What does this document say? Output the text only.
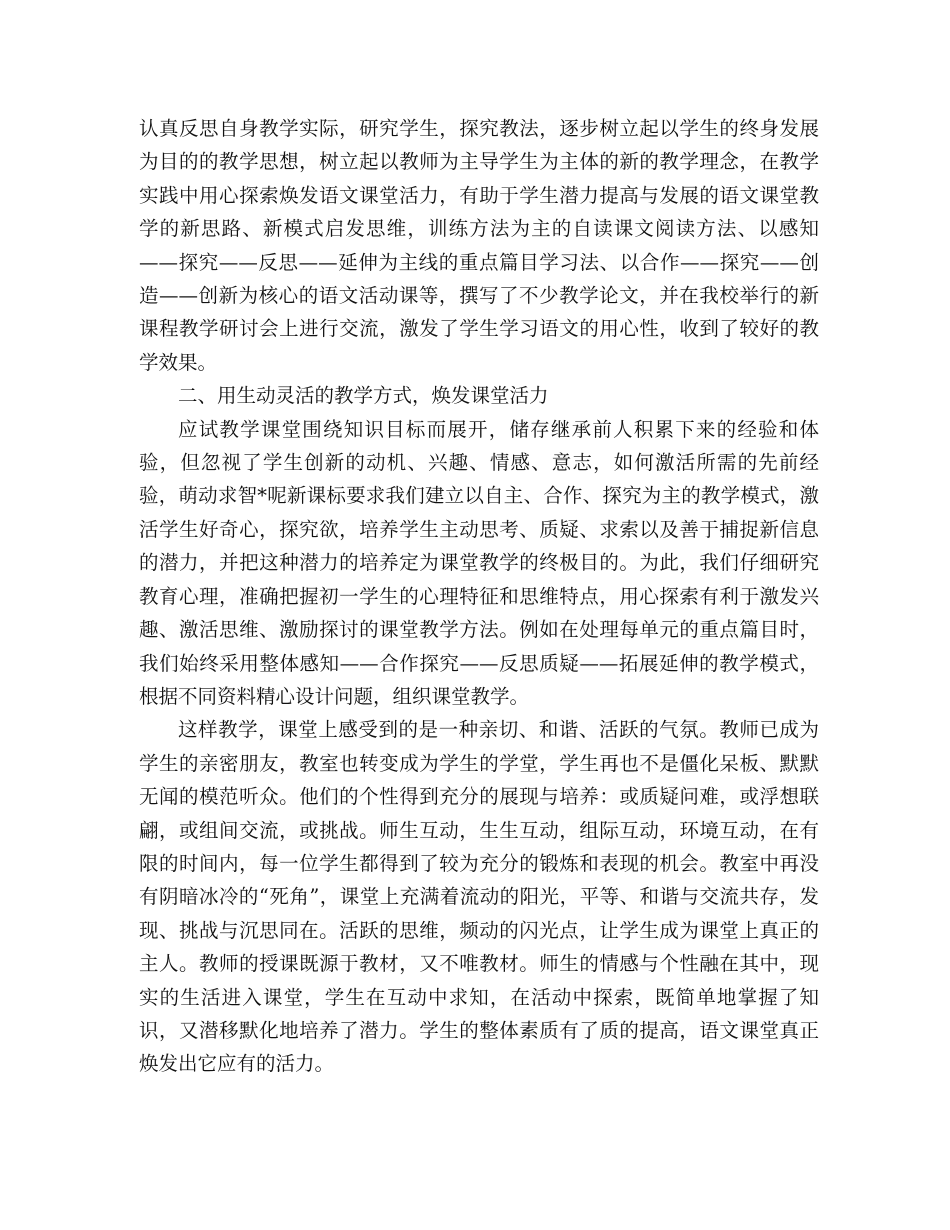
认真反思自身教学实际，研究学生，探究教法，逐步树立起以学生的终身发展为目的的教学思想，树立起以教师为主导学生为主体的新的教学理念，在教学实践中用心探索焕发语文课堂活力，有助于学生潜力提高与发展的语文课堂教学的新思路、新模式启发思维，训练方法为主的自读课文阅读方法、以感知——探究——反思——延伸为主线的重点篇目学习法、以合作——探究——创造——创新为核心的语文活动课等，撰写了不少教学论文，并在我校举行的新课程教学研讨会上进行交流，激发了学生学习语文的用心性，收到了较好的教学效果。

二、用生动灵活的教学方式，焕发课堂活力

应试教学课堂围绕知识目标而展开，储存继承前人积累下来的经验和体验，但忽视了学生创新的动机、兴趣、情感、意志，如何激活所需的先前经验，萌动求智*呢新课标要求我们建立以自主、合作、探究为主的教学模式，激活学生好奇心，探究欲，培养学生主动思考、质疑、求索以及善于捕捉新信息的潜力，并把这种潜力的培养定为课堂教学的终极目的。为此，我们仔细研究教育心理，准确把握初一学生的心理特征和思维特点，用心探索有利于激发兴趣、激活思维、激励探讨的课堂教学方法。例如在处理每单元的重点篇目时，我们始终采用整体感知——合作探究——反思质疑——拓展延伸的教学模式，根据不同资料精心设计问题，组织课堂教学。

这样教学，课堂上感受到的是一种亲切、和谐、活跃的气氛。教师已成为学生的亲密朋友，教室也转变成为学生的学堂，学生再也不是僵化呆板、默默无闻的模范听众。他们的个性得到充分的展现与培养：或质疑问难，或浮想联翩，或组间交流，或挑战。师生互动，生生互动，组际互动，环境互动，在有限的时间内，每一位学生都得到了较为充分的锻炼和表现的机会。教室中再没有阴暗冰冷的“死角”，课堂上充满着流动的阳光，平等、和谐与交流共存，发现、挑战与沉思同在。活跃的思维，频动的闪光点，让学生成为课堂上真正的主人。教师的授课既源于教材，又不唯教材。师生的情感与个性融在其中，现实的生活进入课堂，学生在互动中求知，在活动中探索，既简单地掌握了知识，又潜移默化地培养了潜力。学生的整体素质有了质的提高，语文课堂真正焕发出它应有的活力。
